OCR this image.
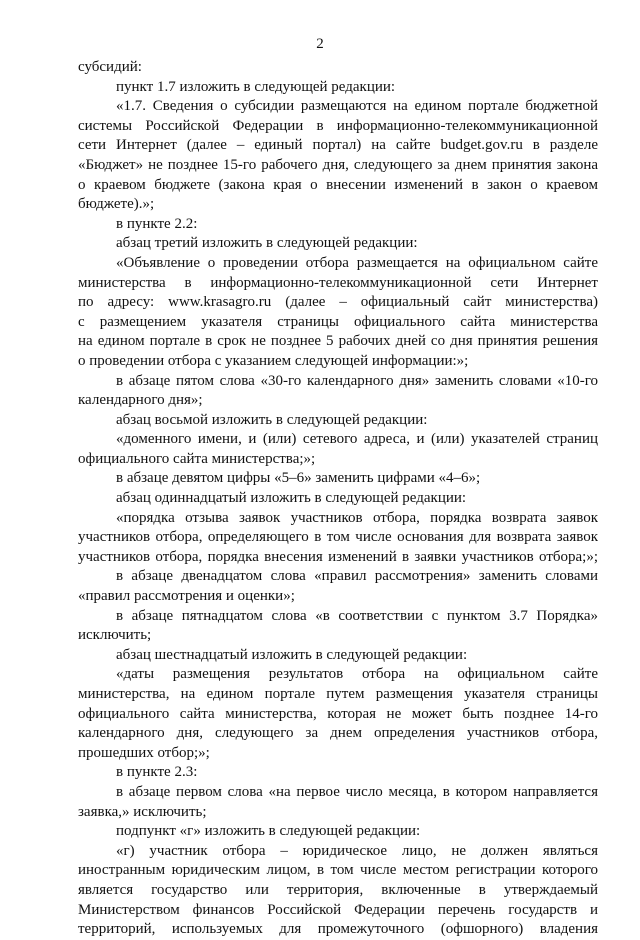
2
субсидий:
пункт 1.7 изложить в следующей редакции:
«1.7. Сведения о субсидии размещаются на едином портале бюджетной
системы Российской Федерации в информационно-телекоммуникационной
сети Интернет (далее – единый портал) на сайте budget.gov.ru в разделе
«Бюджет» не позднее 15-го рабочего дня, следующего за днем принятия закона
о краевом бюджете (закона края о внесении изменений в закон о краевом
бюджете).»;
в пункте 2.2:
абзац третий изложить в следующей редакции:
«Объявление о проведении отбора размещается на официальном сайте
министерства в информационно-телекоммуникационной сети Интернет
по адресу: www.krasagro.ru (далее – официальный сайт министерства)
с размещением указателя страницы официального сайта министерства
на едином портале в срок не позднее 5 рабочих дней со дня принятия решения
о проведении отбора с указанием следующей информации:»;
в абзаце пятом слова «30-го календарного дня» заменить словами «10-го
календарного дня»;
абзац восьмой изложить в следующей редакции:
«доменного имени, и (или) сетевого адреса, и (или) указателей страниц
официального сайта министерства;»;
в абзаце девятом цифры «5–6» заменить цифрами «4–6»;
абзац одиннадцатый изложить в следующей редакции:
«порядка отзыва заявок участников отбора, порядка возврата заявок
участников отбора, определяющего в том числе основания для возврата заявок
участников отбора, порядка внесения изменений в заявки участников отбора;»;
в абзаце двенадцатом слова «правил рассмотрения» заменить словами
«правил рассмотрения и оценки»;
в абзаце пятнадцатом слова «в соответствии с пунктом 3.7 Порядка»
исключить;
абзац шестнадцатый изложить в следующей редакции:
«даты размещения результатов отбора на официальном сайте
министерства, на едином портале путем размещения указателя страницы
официального сайта министерства, которая не может быть позднее 14-го
календарного дня, следующего за днем определения участников отбора,
прошедших отбор;»;
в пункте 2.3:
в абзаце первом слова «на первое число месяца, в котором направляется
заявка,» исключить;
подпункт «г» изложить в следующей редакции:
«г) участник отбора – юридическое лицо, не должен являться
иностранным юридическим лицом, в том числе местом регистрации которого
является государство или территория, включенные в утверждаемый
Министерством финансов Российской Федерации перечень государств и
территорий, используемых для промежуточного (офшорного) владения
